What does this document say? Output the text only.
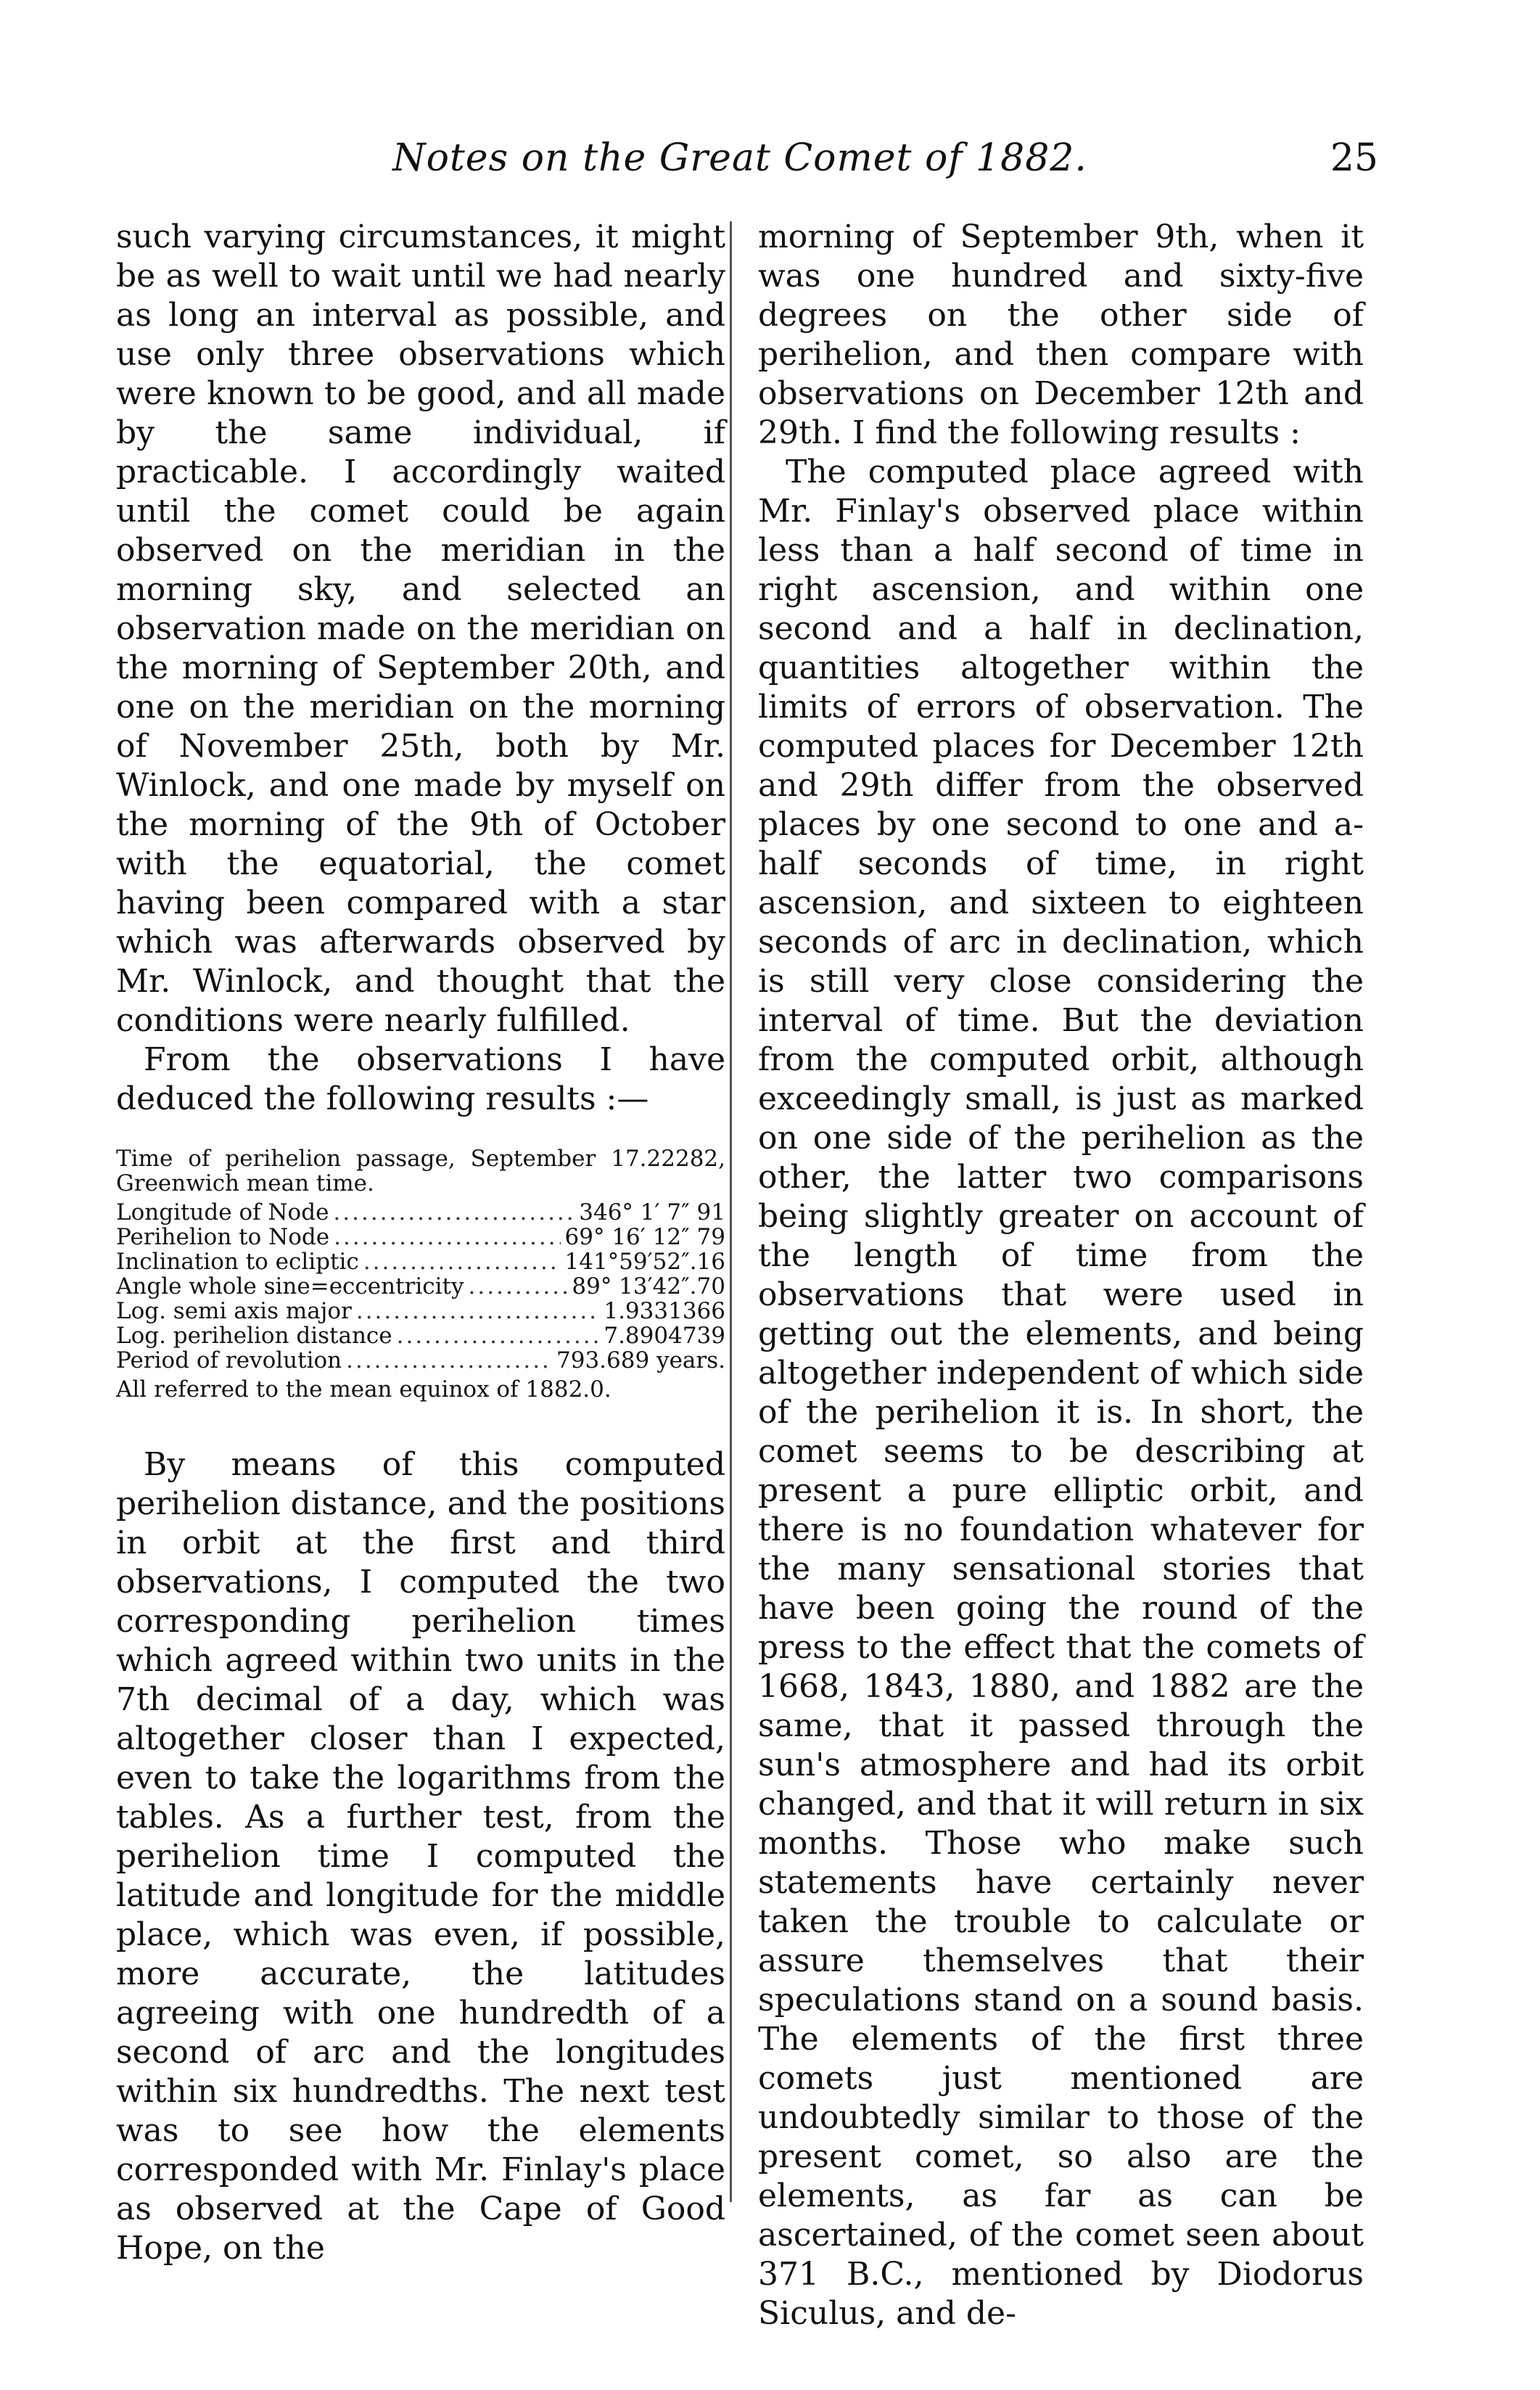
Notes on the Great Comet of 1882.	25

such varying circumstances, it might be as well to wait until we had nearly as long an interval as possible, and use only three observations which were known to be good, and all made by the same individual, if practicable. I accordingly waited until the comet could be again observed on the meridian in the morning sky, and selected an observation made on the meridian on the morning of September 20th, and one on the meridian on the morning of November 25th, both by Mr. Winlock, and one made by myself on the morning of the 9th of October with the equatorial, the comet having been compared with a star which was afterwards observed by Mr. Winlock, and thought that the conditions were nearly fulfilled.

From the observations I have deduced the following results :—

Time of perihelion passage, September 17.22282, Greenwich mean time.

Longitude of Node .....	346° 1′ 7″ 91
Perihelion to Node .....	69° 16′ 12″ 79
Inclination to ecliptic .....	141°59′52″.16
Angle whole sine=eccentricity .....	89° 13′42″.70
Log. semi axis major .....	1.9331366
Log. perihelion distance .....	7.8904739
Period of revolution .....	793.689 years.

All referred to the mean equinox of 1882.0.

By means of this computed perihelion distance, and the positions in orbit at the first and third observations, I computed the two corresponding perihelion times which agreed within two units in the 7th decimal of a day, which was altogether closer than I expected, even to take the logarithms from the tables. As a further test, from the perihelion time I computed the latitude and longitude for the middle place, which was even, if possible, more accurate, the latitudes agreeing with one hundredth of a second of arc and the longitudes within six hundredths. The next test was to see how the elements corresponded with Mr. Finlay's place as observed at the Cape of Good Hope, on the

morning of September 9th, when it was one hundred and sixty-five degrees on the other side of perihelion, and then compare with observations on December 12th and 29th. I find the following results :

The computed place agreed with Mr. Finlay's observed place within less than a half second of time in right ascension, and within one second and a half in declination, quantities altogether within the limits of errors of observation. The computed places for December 12th and 29th differ from the observed places by one second to one and a-half seconds of time, in right ascension, and sixteen to eighteen seconds of arc in declination, which is still very close considering the interval of time. But the deviation from the computed orbit, although exceedingly small, is just as marked on one side of the perihelion as the other, the latter two comparisons being slightly greater on account of the length of time from the observations that were used in getting out the elements, and being altogether independent of which side of the perihelion it is. In short, the comet seems to be describing at present a pure elliptic orbit, and there is no foundation whatever for the many sensational stories that have been going the round of the press to the effect that the comets of 1668, 1843, 1880, and 1882 are the same, that it passed through the sun's atmosphere and had its orbit changed, and that it will return in six months. Those who make such statements have certainly never taken the trouble to calculate or assure themselves that their speculations stand on a sound basis. The elements of the first three comets just mentioned are undoubtedly similar to those of the present comet, so also are the elements, as far as can be ascertained, of the comet seen about 371 B.C., mentioned by Diodorus Siculus, and de-
